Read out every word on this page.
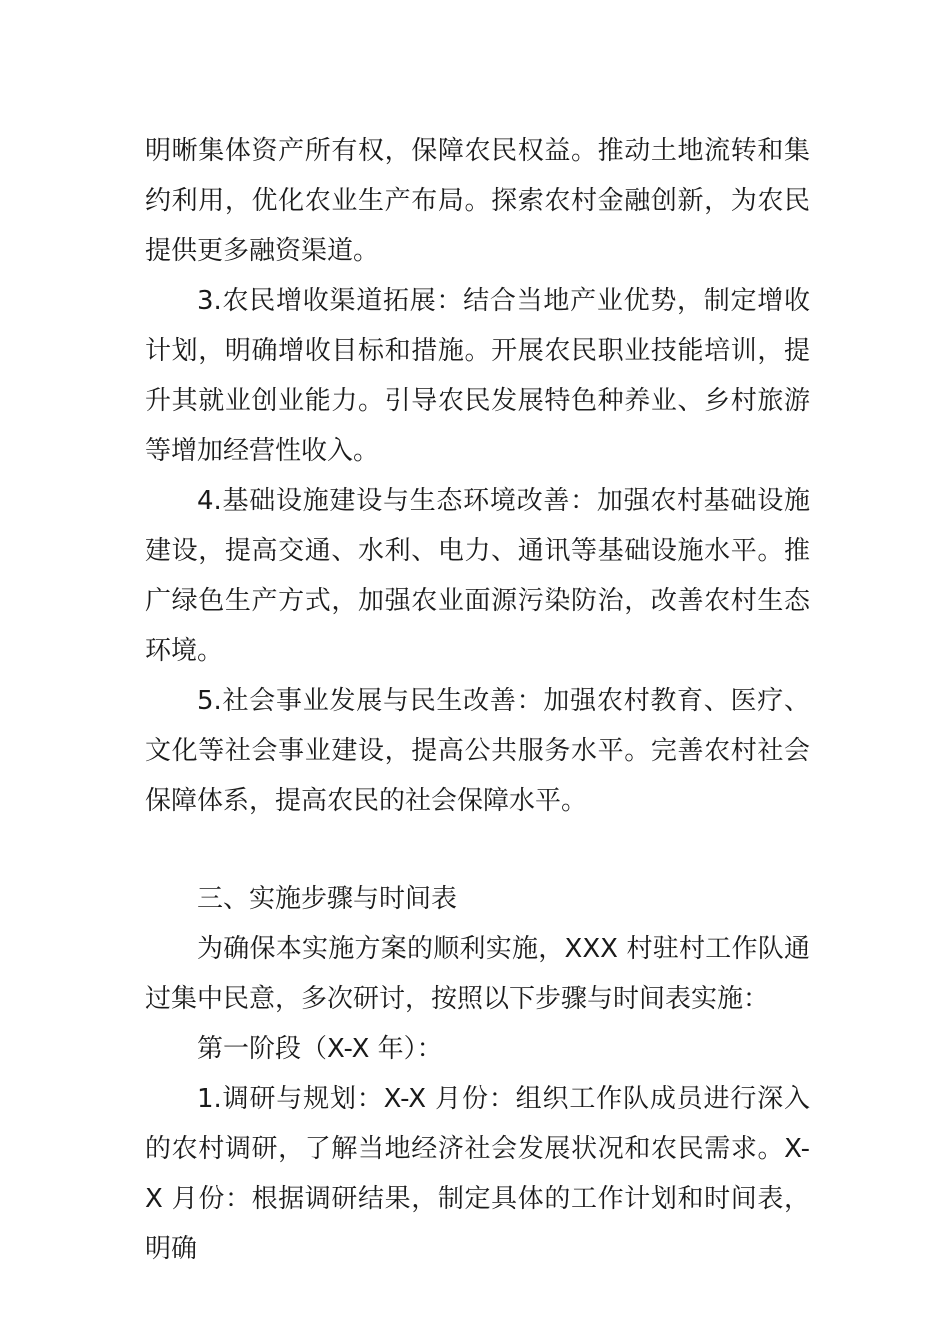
明晰集体资产所有权，保障农民权益。推动土地流转和集约利用，优化农业生产布局。探索农村金融创新，为农民提供更多融资渠道。

3.农民增收渠道拓展：结合当地产业优势，制定增收计划，明确增收目标和措施。开展农民职业技能培训，提升其就业创业能力。引导农民发展特色种养业、乡村旅游等增加经营性收入。

4.基础设施建设与生态环境改善：加强农村基础设施建设，提高交通、水利、电力、通讯等基础设施水平。推广绿色生产方式，加强农业面源污染防治，改善农村生态环境。

5.社会事业发展与民生改善：加强农村教育、医疗、文化等社会事业建设，提高公共服务水平。完善农村社会保障体系，提高农民的社会保障水平。

三、实施步骤与时间表

为确保本实施方案的顺利实施，XXX 村驻村工作队通过集中民意，多次研讨，按照以下步骤与时间表实施：

第一阶段（X-X 年）：

1.调研与规划：X-X 月份：组织工作队成员进行深入的农村调研，了解当地经济社会发展状况和农民需求。X-X 月份：根据调研结果，制定具体的工作计划和时间表，明确
